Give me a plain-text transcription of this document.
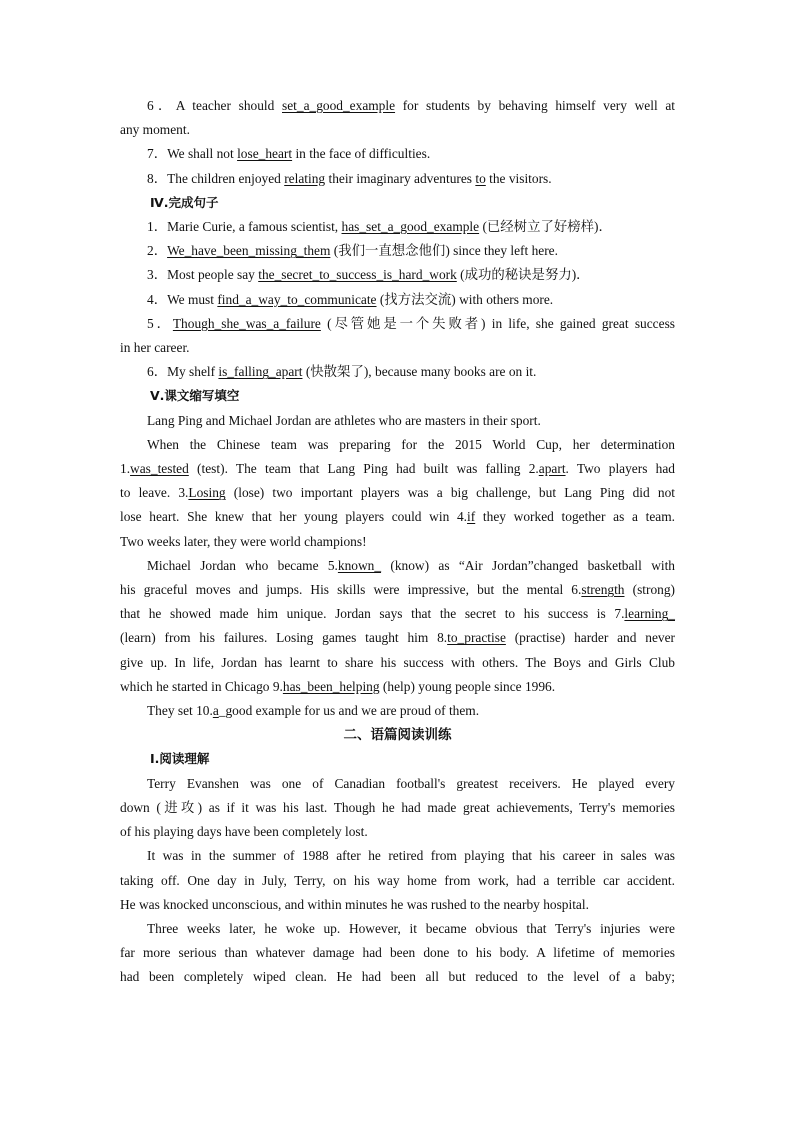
6．A teacher should set_a_good_example for students by behaving himself very well at

any moment.

7．We shall not lose_heart in the face of difficulties.

8．The children enjoyed relating their imaginary adventures to the visitors.

Ⅳ.完成句子

1．Marie Curie, a famous scientist, has_set_a_good_example (已经树立了好榜样)．

2．We_have_been_missing_them (我们一直想念他们) since they left here.

3．Most people say the_secret_to_success_is_hard_work (成功的秘诀是努力)．

4．We must find_a_way_to_communicate (找方法交流) with others more.

5．Though_she_was_a_failure (尽管她是一个失败者) in life, she gained great success

in her career.

6．My shelf is_falling_apart (快散架了), because many books are on it.

Ⅴ.课文缩写填空

Lang Ping and Michael Jordan are athletes who are masters in their sport.

When the Chinese team was preparing for the 2015 World Cup, her determination

1.was_tested (test). The team that Lang Ping had built was falling 2.apart. Two players had

to leave. 3.Losing (lose) two important players was a big challenge, but Lang Ping did not

lose heart. She knew that her young players could win 4.if they worked together as a team.

Two weeks later, they were world champions!

Michael Jordan who became 5.known_ (know) as “Air Jordan”changed basketball with

his graceful moves and jumps. His skills were impressive, but the mental 6.strength (strong)

that he showed made him unique. Jordan says that the secret to his success is 7.learning_

(learn) from his failures. Losing games taught him 8.to_practise (practise) harder and never

give up. In life, Jordan has learnt to share his success with others. The Boys and Girls Club

which he started in Chicago 9.has_been_helping (help) young people since 1996.

They set 10.a_good example for us and we are proud of them.

二、语篇阅读训练

Ⅰ.阅读理解

Terry Evanshen was one of Canadian football's greatest receivers. He played every

down (进攻) as if it was his last. Though he had made great achievements, Terry's memories

of his playing days have been completely lost.

It was in the summer of 1988 after he retired from playing that his career in sales was

taking off. One day in July, Terry, on his way home from work, had a terrible car accident.

He was knocked unconscious, and within minutes he was rushed to the nearby hospital.

Three weeks later, he woke up. However, it became obvious that Terry's injuries were

far more serious than whatever damage had been done to his body. A lifetime of memories

had been completely wiped clean. He had been all but reduced to the level of a baby;
